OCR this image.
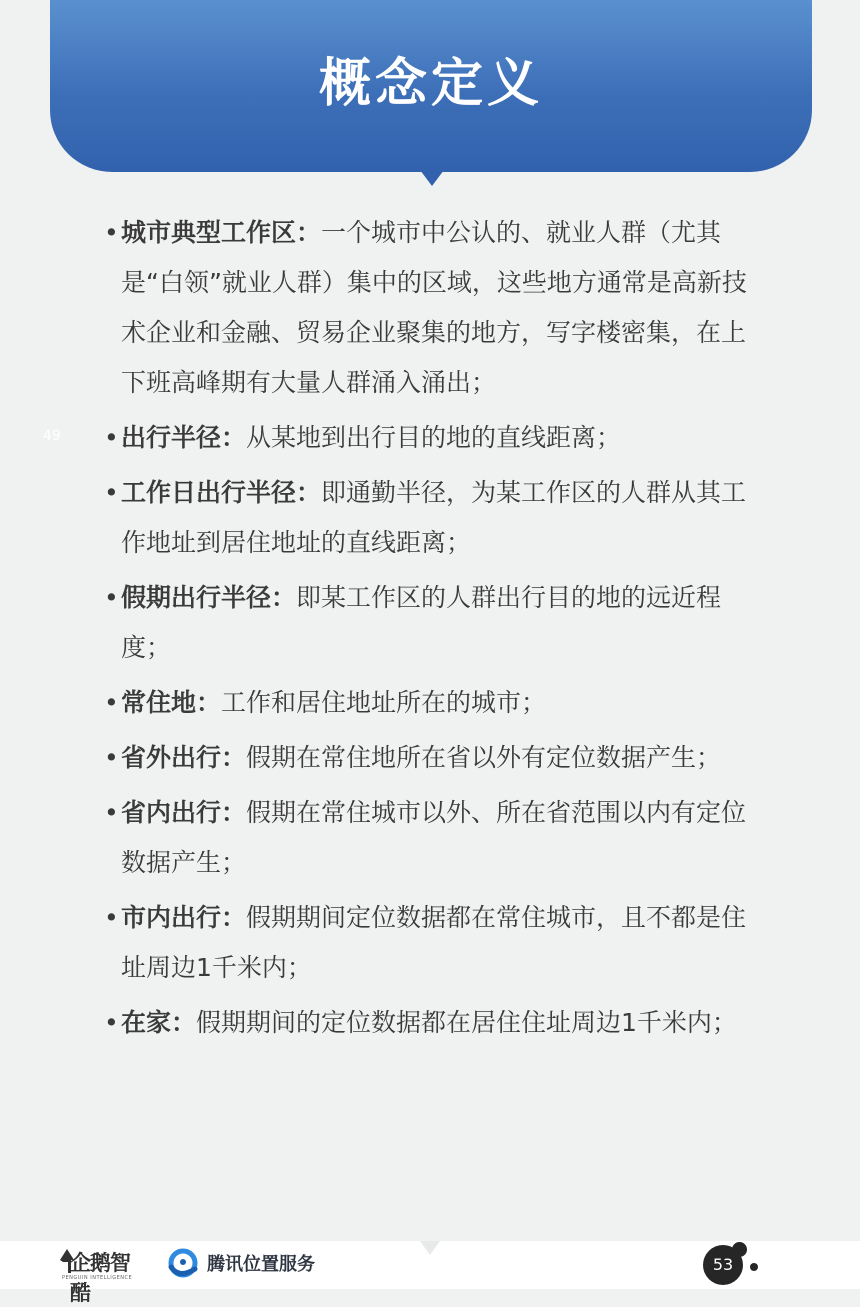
概念定义
49
• 城市典型工作区：一个城市中公认的、就业人群（尤其是“白领”就业人群）集中的区域，这些地方通常是高新技术企业和金融、贸易企业聚集的地方，写字楼密集，在上下班高峰期有大量人群涌入涌出；
• 出行半径：从某地到出行目的地的直线距离；
• 工作日出行半径：即通勤半径，为某工作区的人群从其工作地址到居住地址的直线距离；
• 假期出行半径：即某工作区的人群出行目的地的远近程度；
• 常住地：工作和居住地址所在的城市；
• 省外出行：假期在常住地所在省以外有定位数据产生；
• 省内出行：假期在常住城市以外、所在省范围以内有定位数据产生；
• 市内出行：假期期间定位数据都在常住城市，且不都是住址周边1千米内；
• 在家：假期期间的定位数据都在居住住址周边1千米内；
企鹅智酷
PENGUIN INTELLIGENCE
腾讯位置服务	53
